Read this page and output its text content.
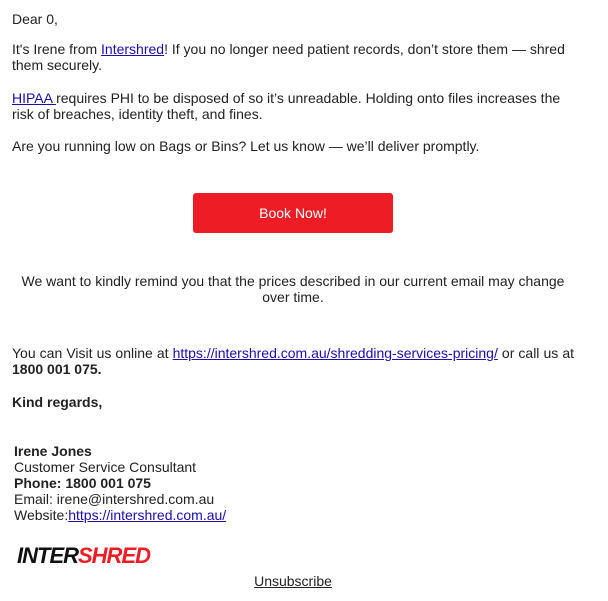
Dear 0,

It's Irene from Intershred! If you no longer need patient records, don’t store them — shred them securely.

HIPAA requires PHI to be disposed of so it’s unreadable. Holding onto files increases the risk of breaches, identity theft, and fines.

Are you running low on Bags or Bins? Let us know — we’ll deliver promptly.

Book Now!

We want to kindly remind you that the prices described in our current email may change over time.

You can Visit us online at https://intershred.com.au/shredding-services-pricing/ or call us at 1800 001 075.

Kind regards,

Irene Jones
Customer Service Consultant
Phone: 1800 001 075
Email: irene@intershred.com.au
Website:https://intershred.com.au/
INTERSHRED
Unsubscribe
